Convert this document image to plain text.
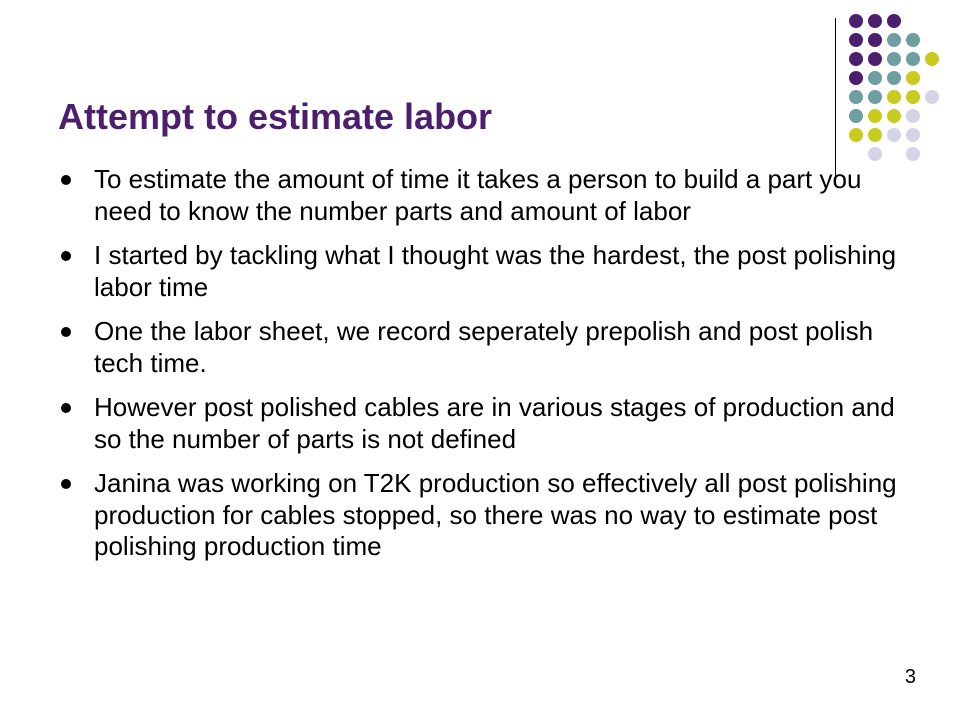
Attempt to estimate labor
To estimate the amount of time it takes a person to build a part you need to know the number parts and amount of labor
I started by tackling what I thought was the hardest, the post polishing labor time
One the labor sheet, we record seperately prepolish and post polish tech time.
However post polished cables are in various stages of production and so the number of parts is not defined
Janina was working on T2K production so effectively all post polishing production for cables stopped, so there was no way to estimate post polishing production time
3
